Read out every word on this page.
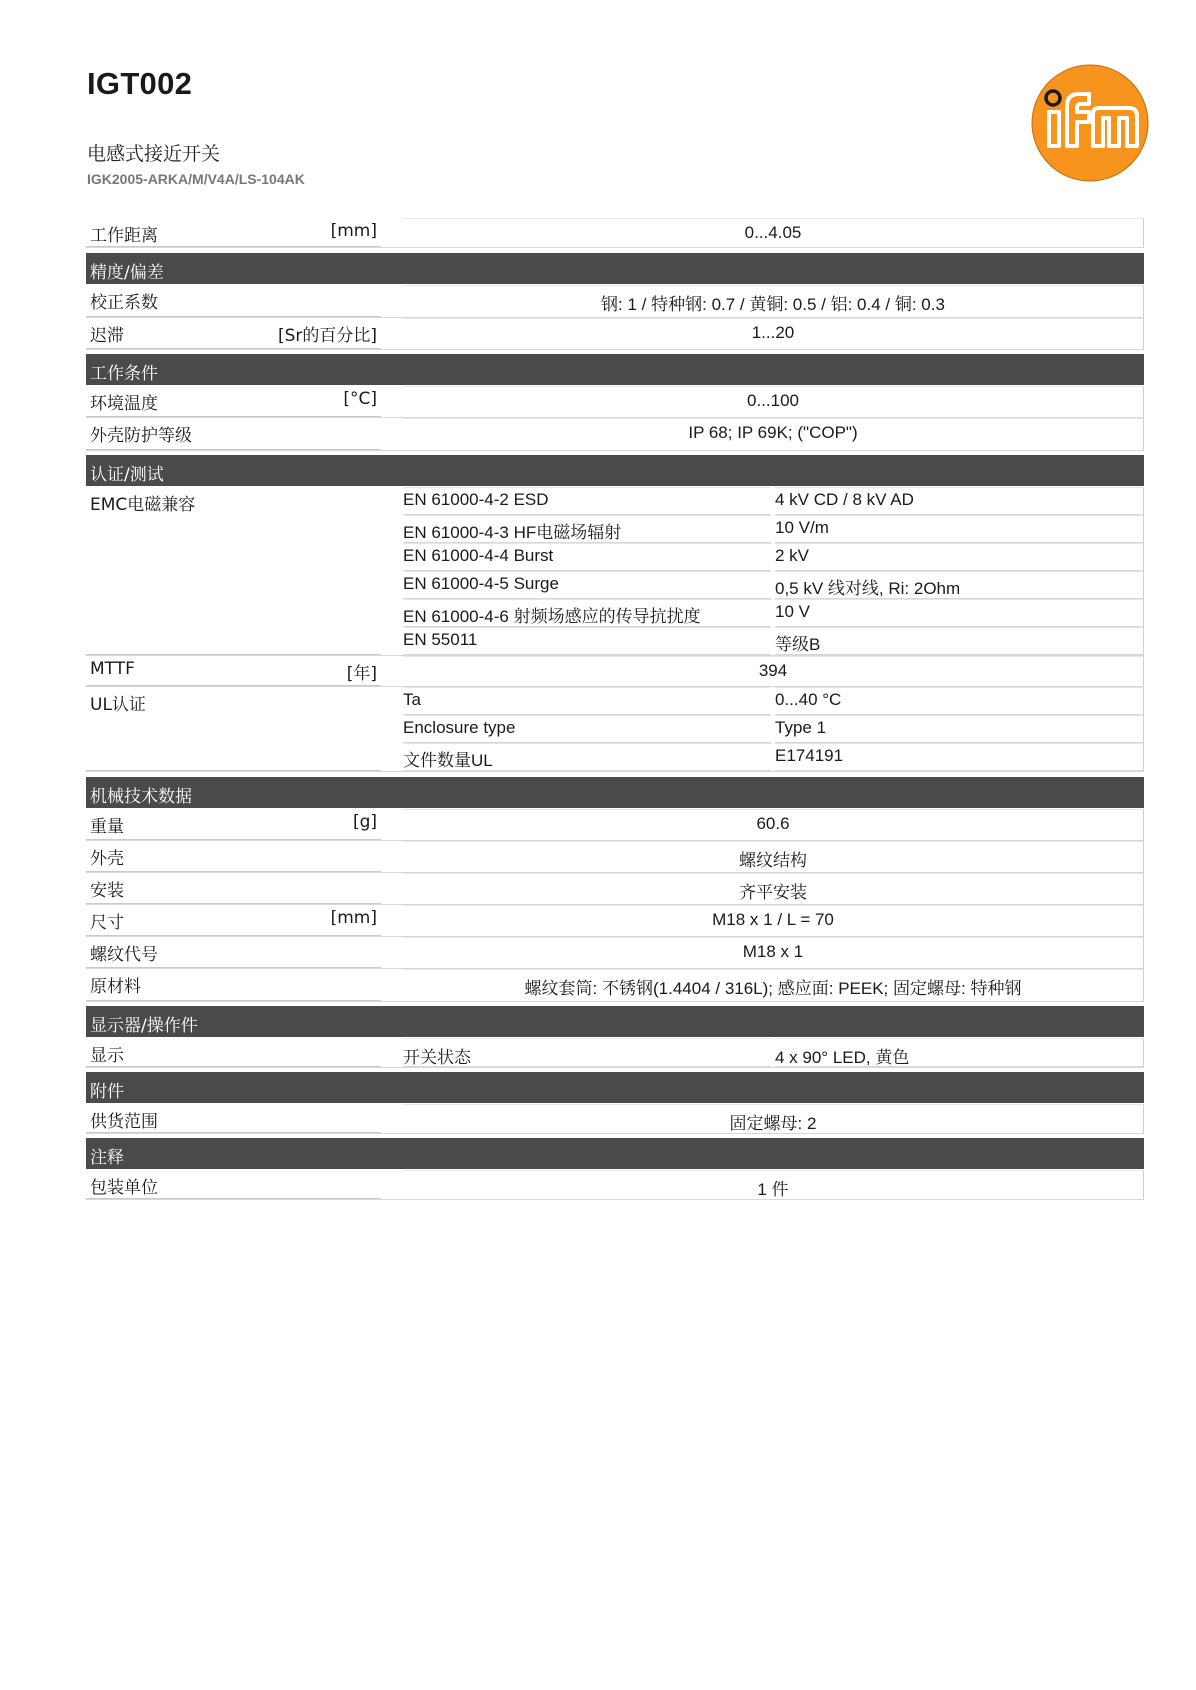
IGT002
电感式接近开关
IGK2005-ARKA/M/V4A/LS-104AK
工作距离	[mm]	0...4.05
精度/偏差
校正系数	钢: 1 / 特种钢: 0.7 / 黄铜: 0.5 / 铝: 0.4 / 铜: 0.3
迟滞	[Sr的百分比]	1...20
工作条件
环境温度	[°C]	0...100
外壳防护等级	IP 68; IP 69K; ("COP")
认证/测试
EMC电磁兼容	EN 61000-4-2 ESD	4 kV CD / 8 kV AD
EN 61000-4-3 HF电磁场辐射	10 V/m
EN 61000-4-4 Burst	2 kV
EN 61000-4-5 Surge	0,5 kV 线对线, Ri: 2Ohm
EN 61000-4-6 射频场感应的传导抗扰度	10 V
EN 55011	等级B
MTTF	[年]	394
UL认证	Ta	0...40 °C
Enclosure type	Type 1
文件数量UL	E174191
机械技术数据
重量	[g]	60.6
外壳	螺纹结构
安装	齐平安装
尺寸	[mm]	M18 x 1 / L = 70
螺纹代号	M18 x 1
原材料	螺纹套筒: 不锈钢(1.4404 / 316L); 感应面: PEEK; 固定螺母: 特种钢
显示器/操作件
显示	开关状态	4 x 90° LED, 黄色
附件
供货范围	固定螺母: 2
注释
包装单位	1 件
